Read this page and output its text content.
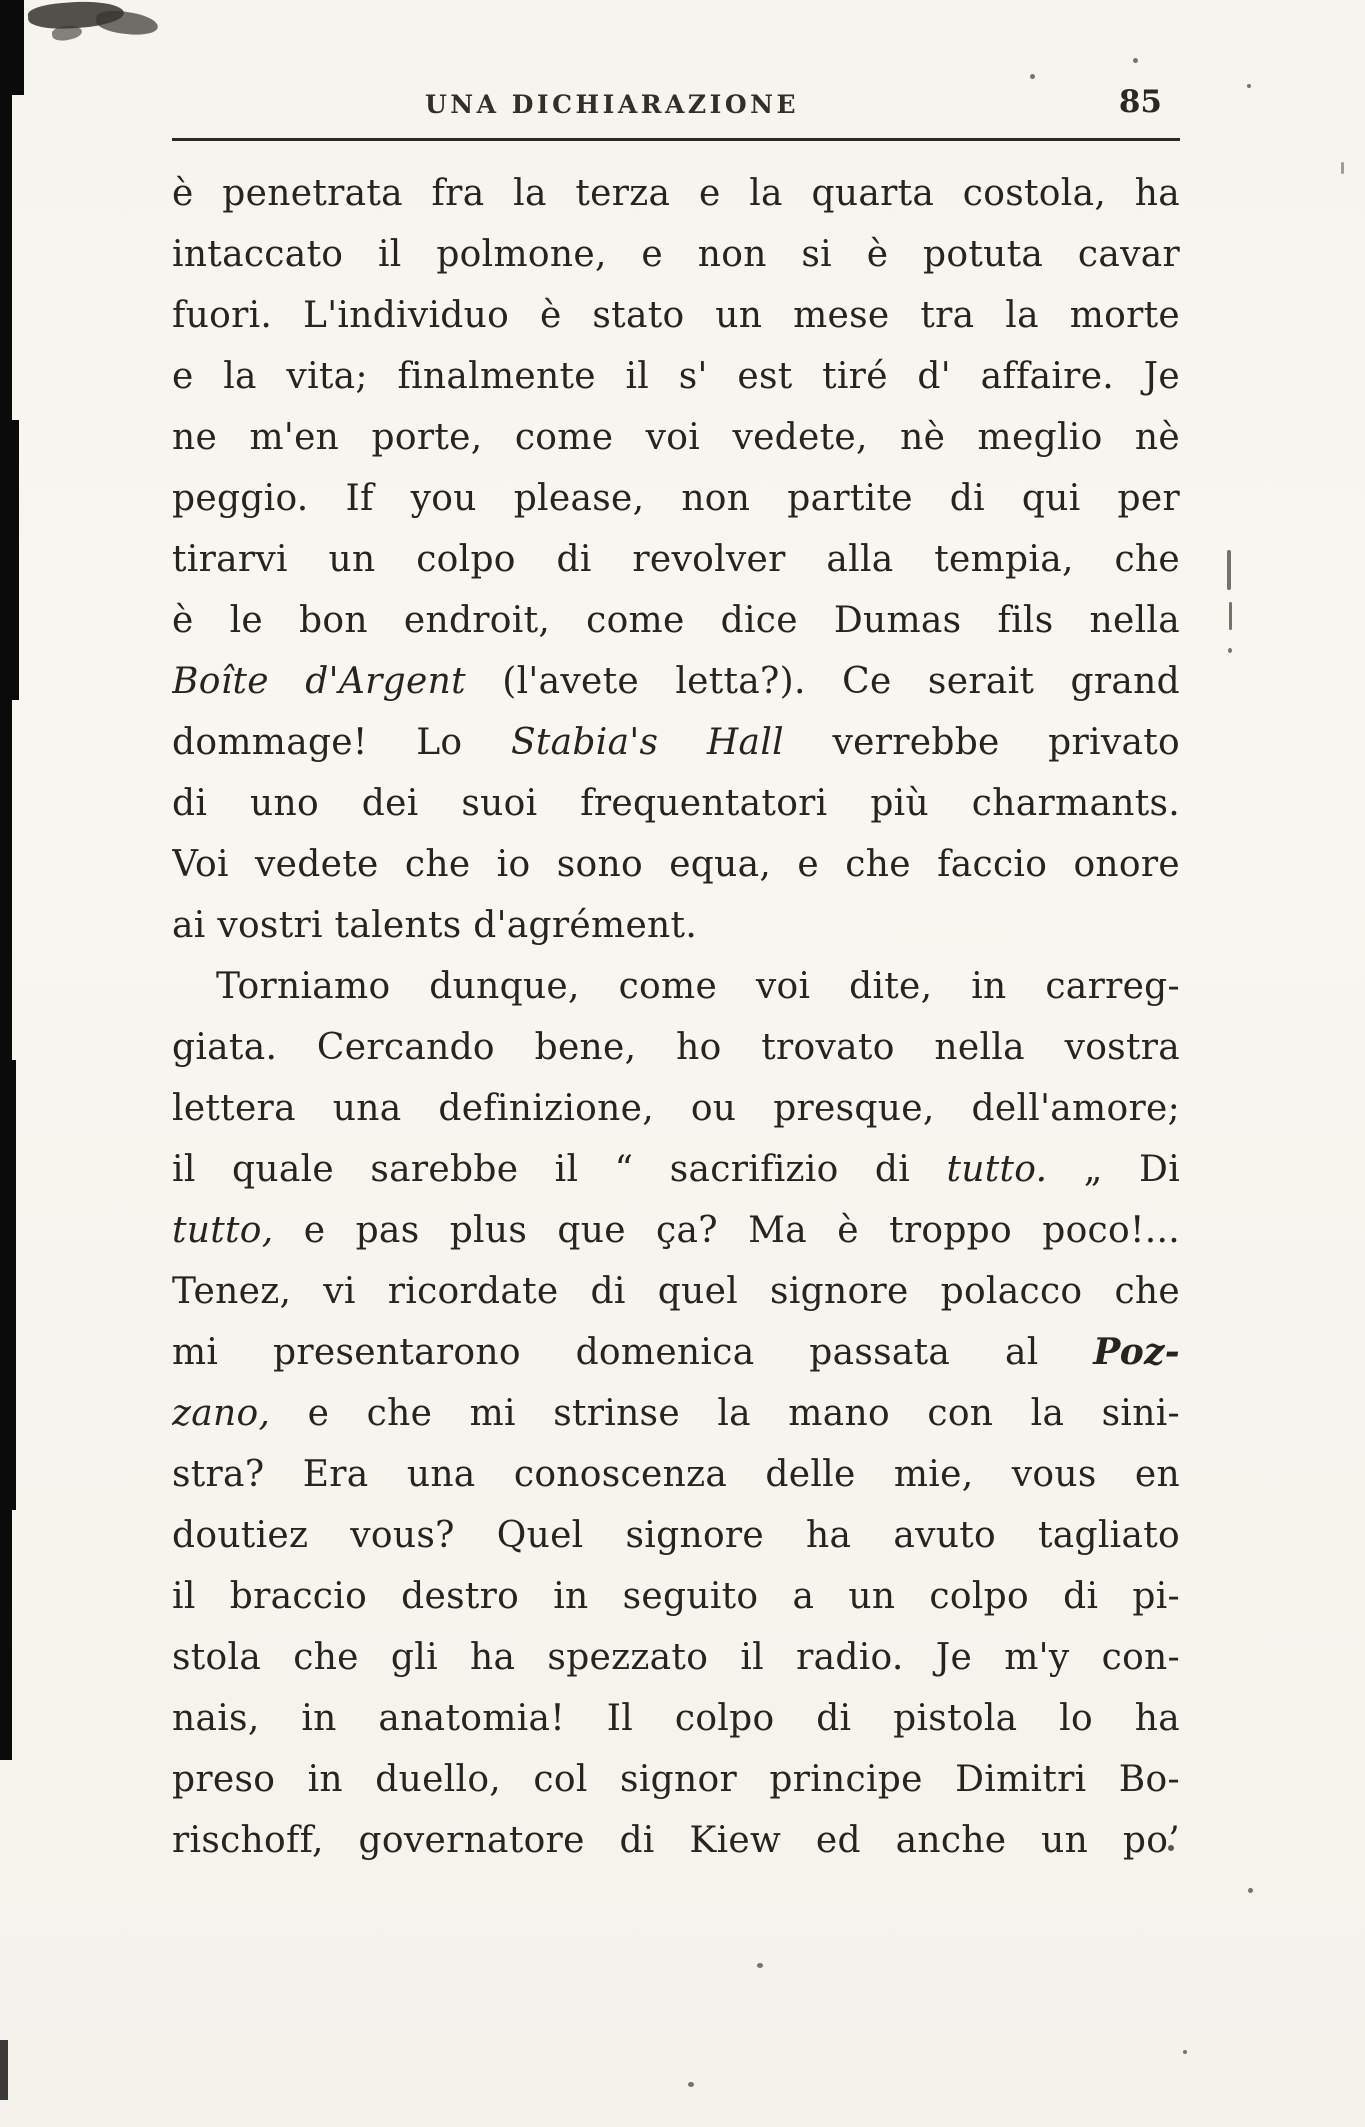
UNA DICHIARAZIONE	85
è penetrata fra la terza e la quarta costola, ha
intaccato il polmone, e non si è potuta cavar
fuori. L'individuo è stato un mese tra la morte
e la vita; finalmente il s' est tiré d' affaire. Je
ne m'en porte, come voi vedete, nè meglio nè
peggio. If you please, non partite di qui per
tirarvi un colpo di revolver alla tempia, che
è le bon endroit, come dice Dumas fils nella
Boîte d'Argent (l'avete letta?). Ce serait grand
dommage! Lo Stabia's Hall verrebbe privato
di uno dei suoi frequentatori più charmants.
Voi vedete che io sono equa, e che faccio onore
ai vostri talents d'agrément.
Torniamo dunque, come voi dite, in carreg-
giata. Cercando bene, ho trovato nella vostra
lettera una definizione, ou presque, dell'amore;
il quale sarebbe il “ sacrifizio di tutto. „ Di
tutto, e pas plus que ça? Ma è troppo poco!...
Tenez, vi ricordate di quel signore polacco che
mi presentarono domenica passata al Poz-
zano, e che mi strinse la mano con la sini-
stra? Era una conoscenza delle mie, vous en
doutiez vous? Quel signore ha avuto tagliato
il braccio destro in seguito a un colpo di pi-
stola che gli ha spezzato il radio. Je m'y con-
nais, in anatomia! Il colpo di pistola lo ha
preso in duello, col signor principe Dimitri Bo-
rischoff, governatore di Kiew ed anche un po’
